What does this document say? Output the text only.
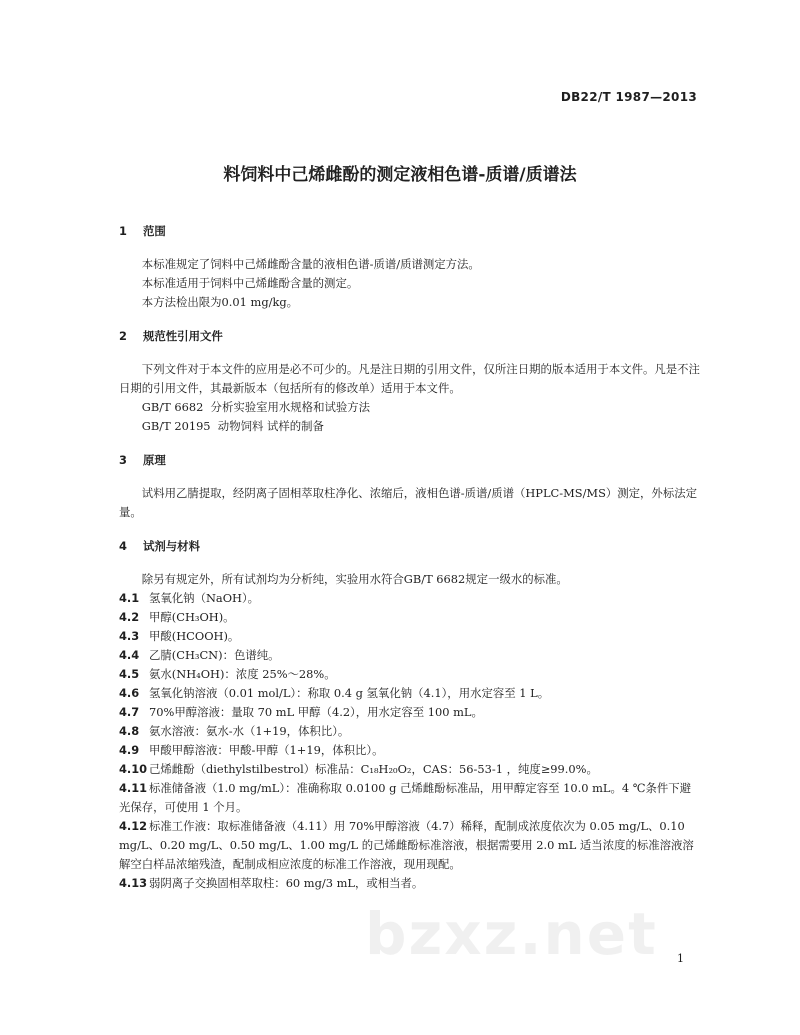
DB22/T 1987—2013
料饲料中己烯雌酚的测定液相色谱-质谱/质谱法
1	范围

本标准规定了饲料中己烯雌酚含量的液相色谱-质谱/质谱测定方法。

本标准适用于饲料中己烯雌酚含量的测定。

本方法检出限为0.01 mg/kg。

2	规范性引用文件

下列文件对于本文件的应用是必不可少的。凡是注日期的引用文件，仅所注日期的版本适用于本文件。凡是不注日期的引用文件，其最新版本（包括所有的修改单）适用于本文件。

GB/T 6682  分析实验室用水规格和试验方法

GB/T 20195  动物饲料 试样的制备

3	原理

试料用乙腈提取，经阴离子固相萃取柱净化、浓缩后，液相色谱-质谱/质谱（HPLC-MS/MS）测定，外标法定量。

4	试剂与材料

除另有规定外，所有试剂均为分析纯，实验用水符合GB/T 6682规定一级水的标准。

4.1 氢氧化钠（NaOH）。
4.2 甲醇(CH₃OH)。
4.3 甲酸(HCOOH)。
4.4 乙腈(CH₃CN)：色谱纯。
4.5 氨水(NH₄OH)：浓度 25%～28%。
4.6 氢氧化钠溶液（0.01 mol/L）：称取 0.4 g 氢氧化钠（4.1），用水定容至 1 L。
4.7 70%甲醇溶液：量取 70 mL 甲醇（4.2），用水定容至 100 mL。
4.8 氨水溶液：氨水-水（1+19，体积比）。
4.9 甲酸甲醇溶液：甲酸-甲醇（1+19，体积比）。
4.10 己烯雌酚（diethylstilbestrol）标准品：C₁₈H₂₀O₂，CAS：56-53-1 ，纯度≥99.0%。
4.11 标准储备液（1.0 mg/mL）：准确称取 0.0100 g 己烯雌酚标准品，用甲醇定容至 10.0 mL。4 ℃条件下避光保存，可使用 1 个月。
4.12 标准工作液：取标准储备液（4.11）用 70%甲醇溶液（4.7）稀释，配制成浓度依次为 0.05 mg/L、0.10 mg/L、0.20 mg/L、0.50 mg/L、1.00 mg/L 的己烯雌酚标准溶液，根据需要用 2.0 mL 适当浓度的标准溶液溶解空白样品浓缩残渣，配制成相应浓度的标准工作溶液，现用现配。
4.13 弱阴离子交换固相萃取柱：60 mg/3 mL，或相当者。
bzxz.net 1
